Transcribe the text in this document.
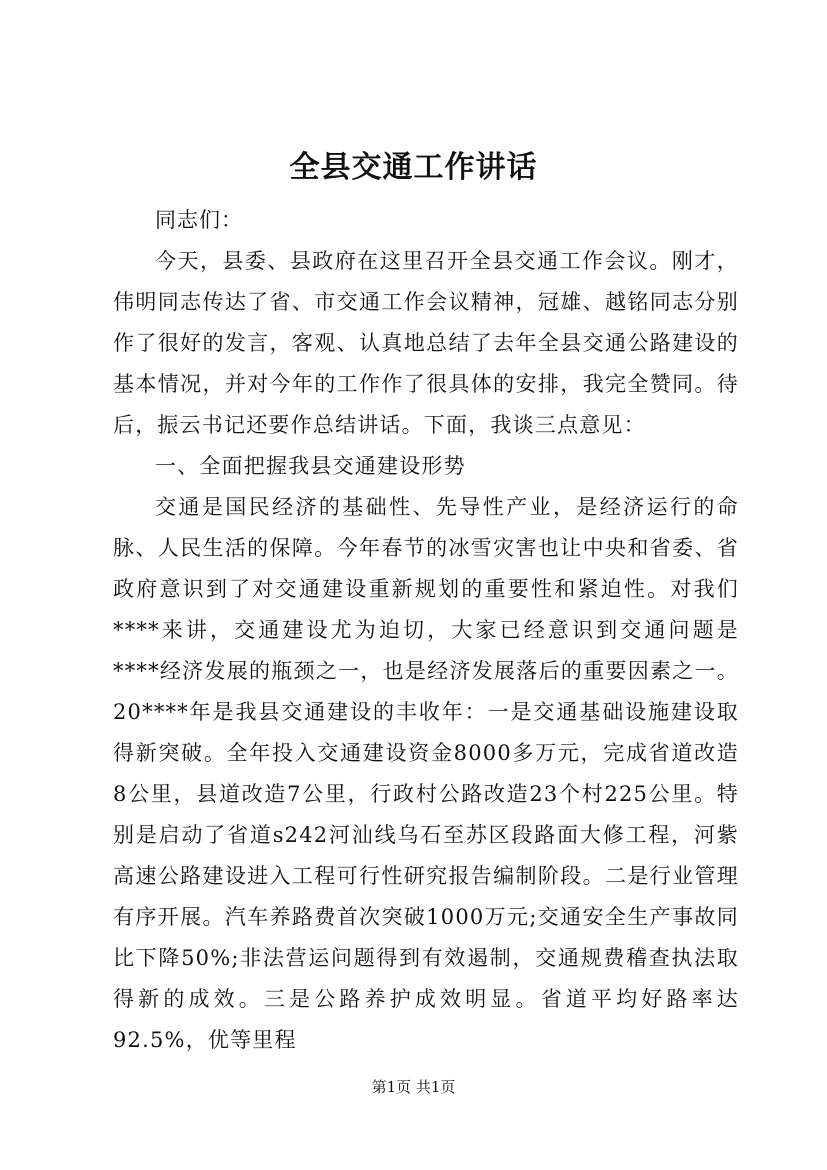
全县交通工作讲话

同志们：

今天，县委、县政府在这里召开全县交通工作会议。刚才，伟明同志传达了省、市交通工作会议精神，冠雄、越铭同志分别作了很好的发言，客观、认真地总结了去年全县交通公路建设的基本情况，并对今年的工作作了很具体的安排，我完全赞同。待后，振云书记还要作总结讲话。下面，我谈三点意见：

一、全面把握我县交通建设形势

交通是国民经济的基础性、先导性产业，是经济运行的命脉、人民生活的保障。今年春节的冰雪灾害也让中央和省委、省政府意识到了对交通建设重新规划的重要性和紧迫性。对我们****来讲，交通建设尤为迫切，大家已经意识到交通问题是****经济发展的瓶颈之一，也是经济发展落后的重要因素之一。20****年是我县交通建设的丰收年：一是交通基础设施建设取得新突破。全年投入交通建设资金8000多万元，完成省道改造8公里，县道改造7公里，行政村公路改造23个村225公里。特别是启动了省道s242河汕线乌石至苏区段路面大修工程，河紫高速公路建设进入工程可行性研究报告编制阶段。二是行业管理有序开展。汽车养路费首次突破1000万元;交通安全生产事故同比下降50%;非法营运问题得到有效遏制，交通规费稽查执法取得新的成效。三是公路养护成效明显。省道平均好路率达92.5%，优等里程

第1页 共1页
